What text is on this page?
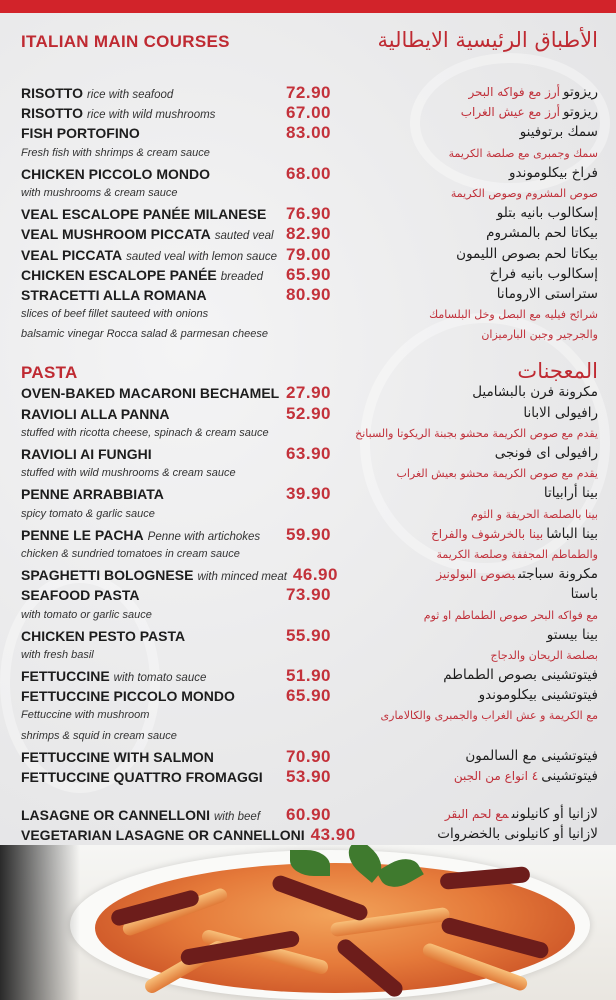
ITALIAN MAIN COURSES	الأطباق الرئيسية الايطالية
RISOTTO rice with seafood	72.90	ريزوتوأرز مع فواكه البحر
RISOTTO rice with wild mushrooms	67.00	ريزوتوأرز مع عيش الغراب
FISH PORTOFINO	83.00	سمك برتوفينو
Fresh fish with shrimps & cream sauce	سمك وجمبرى مع صلصة الكريمة
CHICKEN PICCOLO MONDO	68.00	فراخ بيكلوموندو
with mushrooms & cream sauce	صوص المشروم وصوص الكريمة
VEAL ESCALOPE PANÉE MILANESE	76.90	إسكالوب بانيه بتلو
VEAL MUSHROOM PICCATA sauted veal 82.90	بيكاتا لحم بالمشروم
VEAL PICCATA sauted veal with lemon sauce 79.00	بيكاتا لحم بصوص الليمون
CHICKEN ESCALOPE PANÉE breaded	65.90	إسكالوب بانيه فراخ
STRACETTI ALLA ROMANA	80.90	ستراستى الارومانا
slices of beef fillet sauteed with onions	شرائح فيليه مع البصل وخل البلسامك
balsamic vinegar Rocca salad & parmesan cheese	والجرجير وجبن البارميزان
PASTA	المعجنات
OVEN-BAKED MACARONI BECHAMEL 27.90	مكرونة فرن بالبشاميل
RAVIOLI ALLA PANNA	52.90	رافيولى الابانا
stuffed with ricotta cheese, spinach & cream sauce	يقدم مع صوص الكريمة محشو بجبنة الريكوتا والسبانخ
RAVIOLI AI FUNGHI	63.90	رافيولى اى فونجى
stuffed with wild mushrooms & cream sauce	يقدم مع صوص الكريمة محشو بعيش الغراب
PENNE ARRABBIATA	39.90	بينا أرابياتا
spicy tomato & garlic sauce	بينا بالصلصة الحريفة و الثوم
PENNE LE PACHA Penne with artichokes	59.90	بينا الباشابينا بالخرشوف والفراخ
chicken & sundried tomatoes in cream sauce	والطماطم المجففة وصلصة الكريمة
SPAGHETTI BOLOGNESE with minced meat 46.90	مكرونة سباجتىبصوص البولونيز
SEAFOOD PASTA	73.90	باستا
with tomato or garlic sauce	مع فواكه البحر صوص الطماطم او ثوم
CHICKEN PESTO PASTA	55.90	بينا بيستو
with fresh basil	بصلصة الريحان والدجاج
FETTUCCINE with tomato sauce	51.90	فيتوتشينى بصوص الطماطم
FETTUCCINE PICCOLO MONDO	65.90	فيتوتشينى بيكلوموندو
Fettuccine with mushroom	مع الكريمة و عش الغراب والجمبرى والكالامارى
shrimps & squid in cream sauce
FETTUCCINE WITH SALMON	70.90	فيتوتشينى مع السالمون
FETTUCCINE QUATTRO FROMAGGI	53.90	فيتوتشينى٤ انواع من الجبن
LASAGNE OR CANNELLONI with beef	60.90	لازانيا أو كانيلونىمع لحم البقر
VEGETARIAN LASAGNE OR CANNELLONI 43.90	لازانيا أو كانيلونى بالخضروات
